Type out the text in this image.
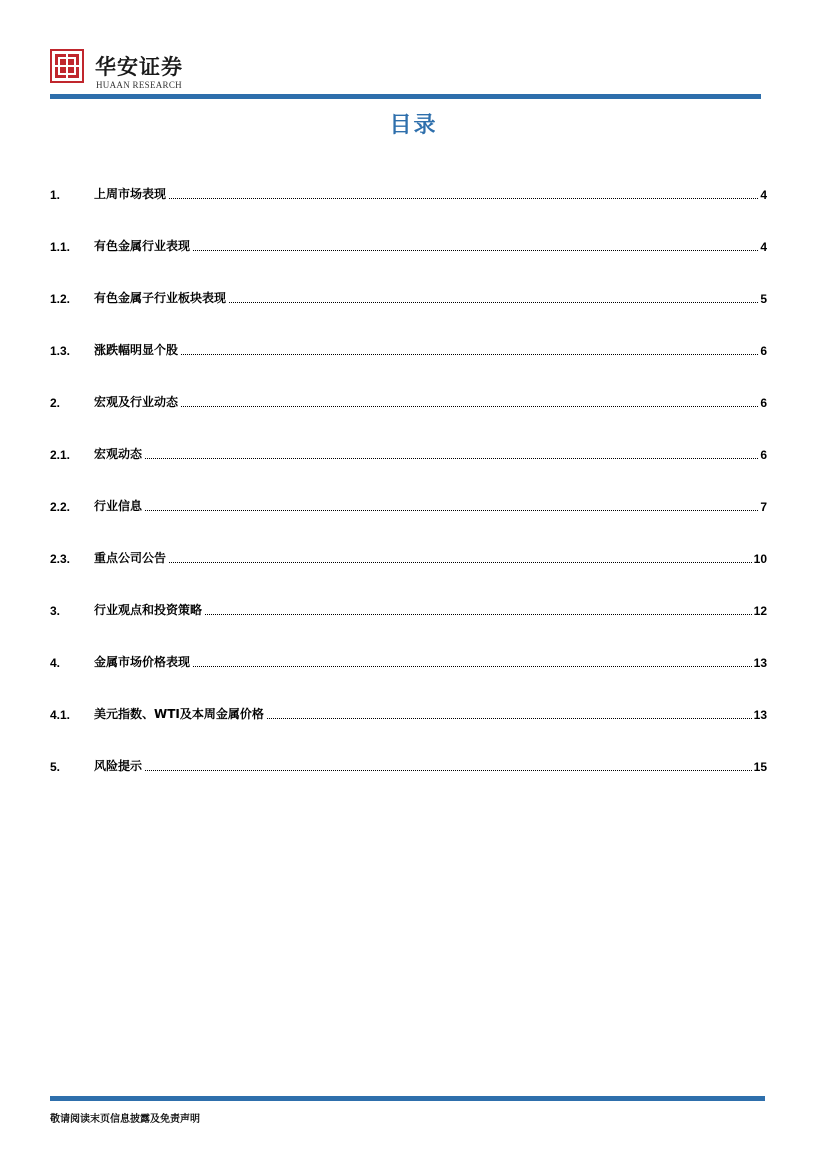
华安证券
HUAAN RESEARCH
目录
1.	上周市场表现	4
1.1.	有色金属行业表现	4
1.2.	有色金属子行业板块表现	5
1.3.	涨跌幅明显个股	6
2.	宏观及行业动态	6
2.1.	宏观动态	6
2.2.	行业信息	7
2.3.	重点公司公告	10
3.	行业观点和投资策略	12
4.	金属市场价格表现	13
4.1.	美元指数、WTI及本周金属价格	13
5.	风险提示	15
敬请阅读末页信息披露及免责声明
